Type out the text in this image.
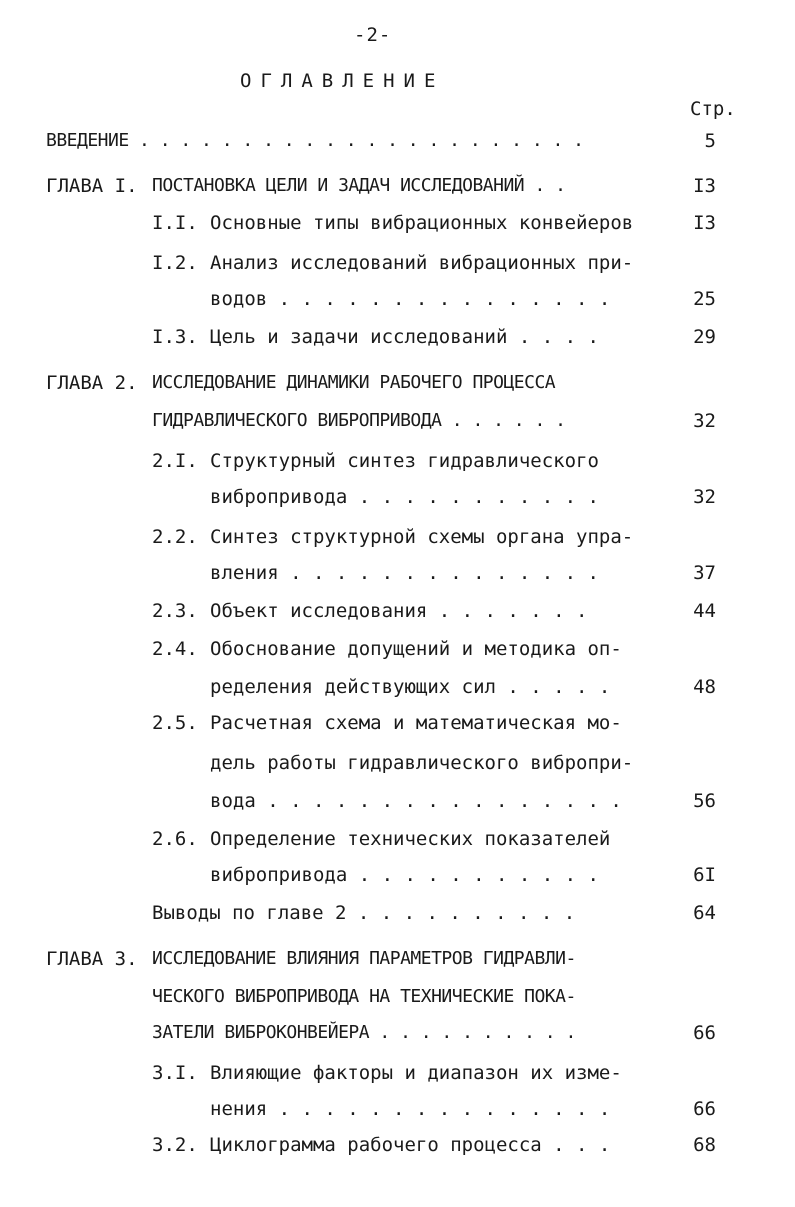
-2-
ОГЛАВЛЕНИЕ
Стр.
ВВЕДЕНИЕ . . . . . . . . . . . . . . . . . . . . . .	5
ГЛАВА I. ПОСТАНОВКА ЦЕЛИ И ЗАДАЧ ИССЛЕДОВАНИЙ . .	I3
I.I. Основные типы вибрационных конвейеров	I3
I.2. Анализ исследований вибрационных при-
водов . . . . . . . . . . . . . . .	25
I.3. Цель и задачи исследований . . . .	29
ГЛАВА 2. ИССЛЕДОВАНИЕ ДИНАМИКИ РАБОЧЕГО ПРОЦЕССА
ГИДРАВЛИЧЕСКОГО ВИБРОПРИВОДА . . . . . .	32
2.I. Структурный синтез гидравлического
вибропривода . . . . . . . . . . .	32
2.2. Синтез структурной схемы органа упра-
вления . . . . . . . . . . . . . .	37
2.3. Объект исследования . . . . . . .	44
2.4. Обоснование допущений и методика оп-
ределения действующих сил . . . . .	48
2.5. Расчетная схема и математическая мо-
дель работы гидравлического вибропри-
вода . . . . . . . . . . . . . . . .	56
2.6. Определение технических показателей
вибропривода . . . . . . . . . . .	6I
Выводы по главе 2 . . . . . . . . . .	64
ГЛАВА 3. ИССЛЕДОВАНИЕ ВЛИЯНИЯ ПАРАМЕТРОВ ГИДРАВЛИ-
ЧЕСКОГО ВИБРОПРИВОДА НА ТЕХНИЧЕСКИЕ ПОКА-
ЗАТЕЛИ ВИБРОКОНВЕЙЕРА . . . . . . . . . .	66
3.I. Влияющие факторы и диапазон их изме-
нения . . . . . . . . . . . . . . .	66
3.2. Циклограмма рабочего процесса . . .	68
